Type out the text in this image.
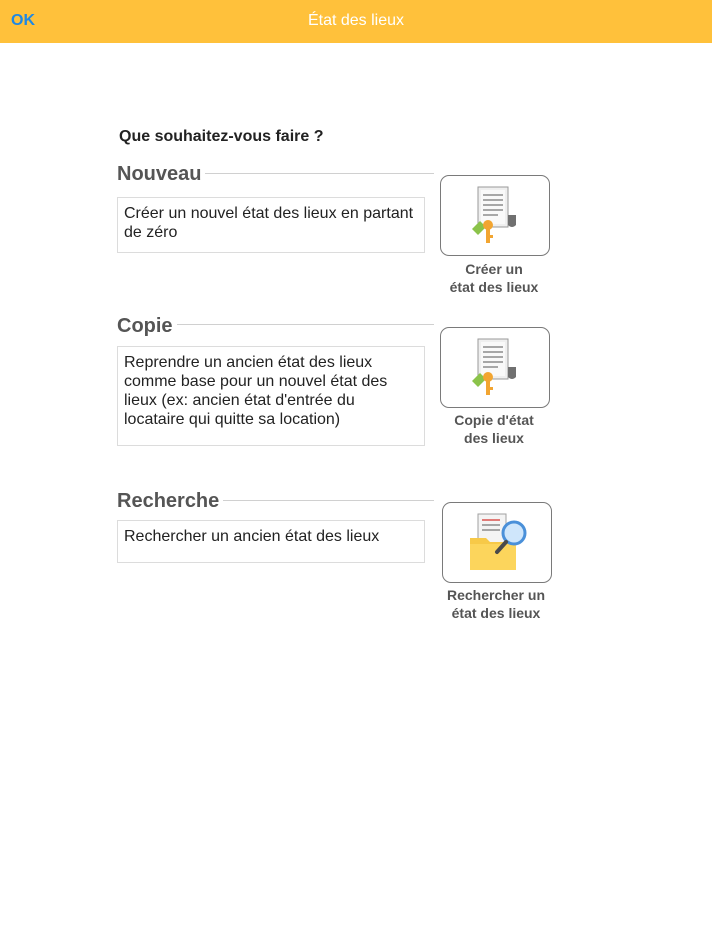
État des lieux
OK
Que souhaitez-vous faire ?
Nouveau
Créer un nouvel état des lieux en partant de zéro
Créer un
état des lieux
Copie
Reprendre un ancien état des lieux comme base pour un nouvel état des lieux (ex: ancien état d'entrée du locataire qui quitte sa location)	Copie d'état
des lieux
Recherche
Rechercher un ancien état des lieux
Rechercher un
état des lieux
